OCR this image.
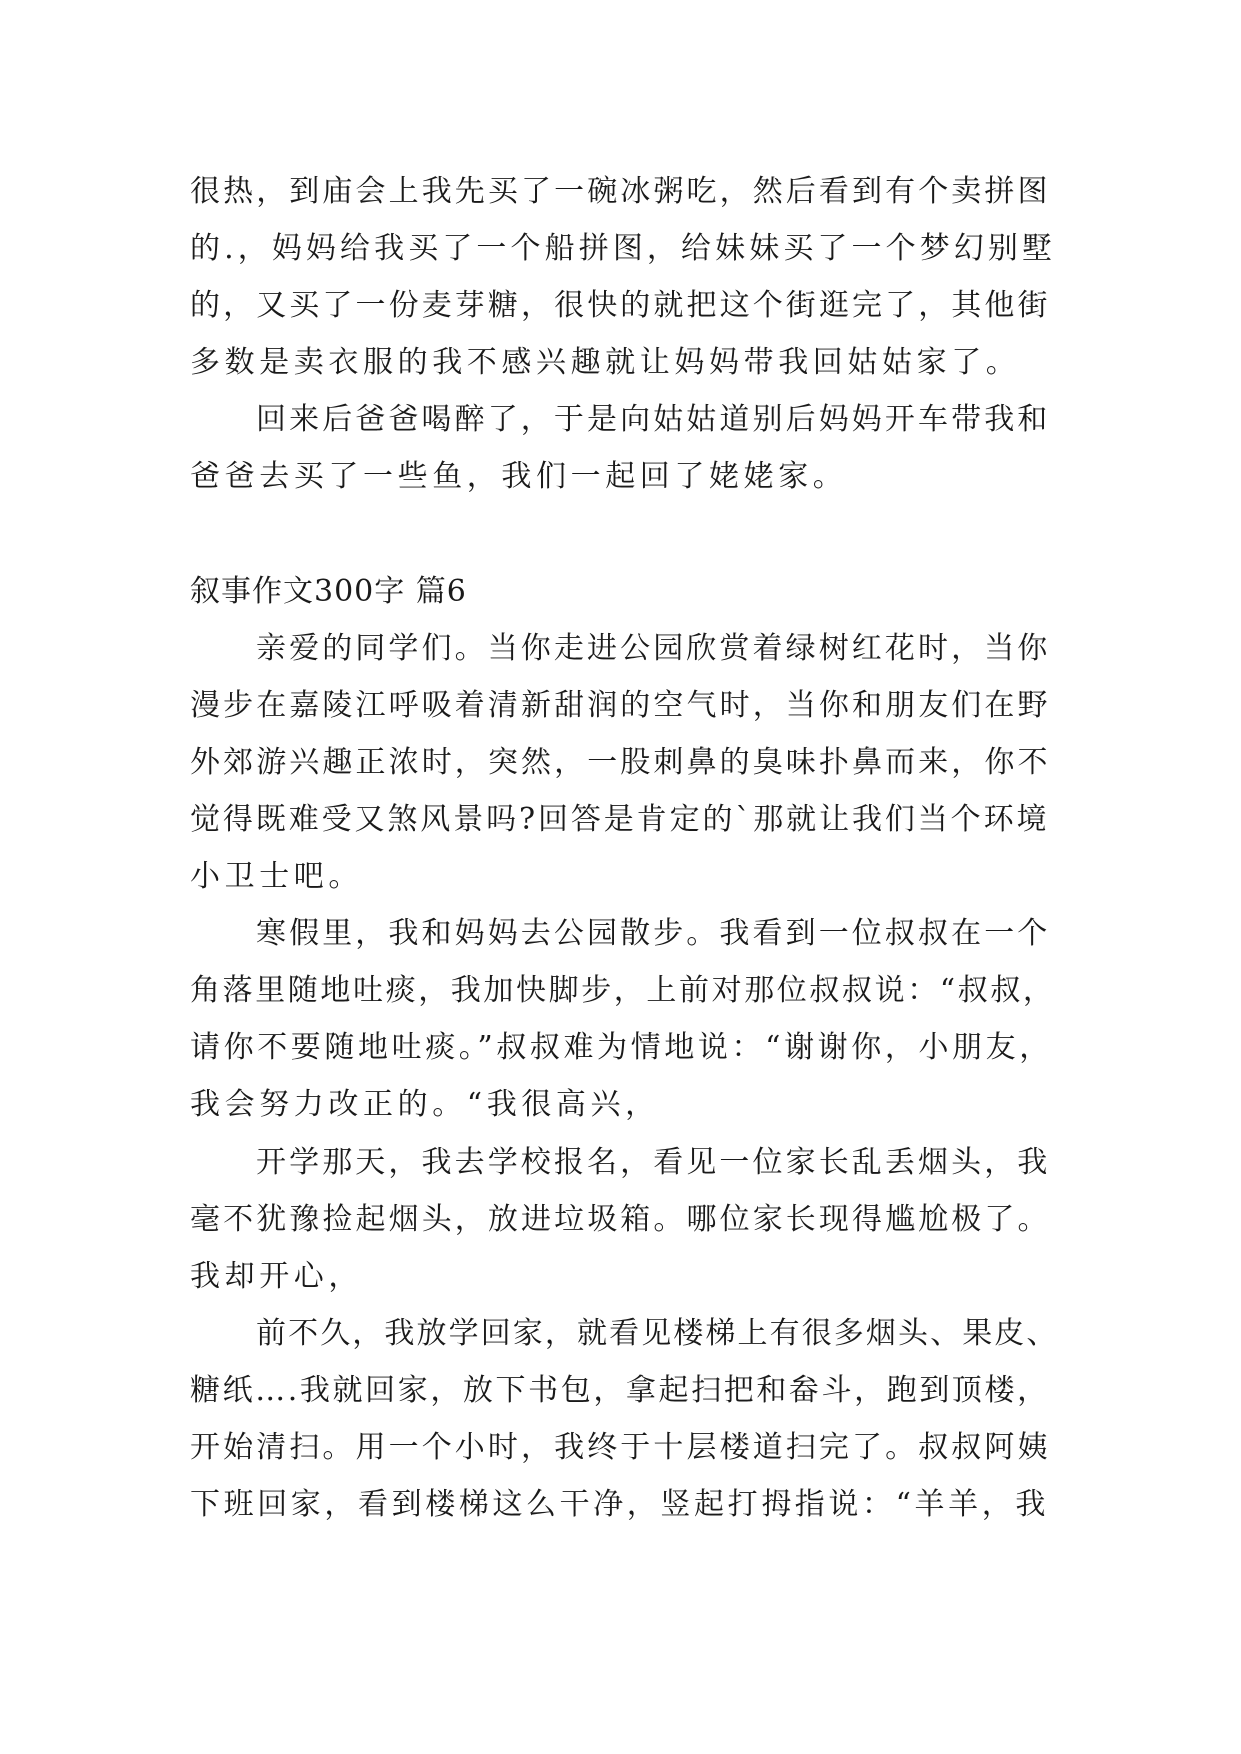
很热，到庙会上我先买了一碗冰粥吃，然后看到有个卖拼图
的.，妈妈给我买了一个船拼图，给妹妹买了一个梦幻别墅
的，又买了一份麦芽糖，很快的就把这个街逛完了，其他街
多数是卖衣服的我不感兴趣就让妈妈带我回姑姑家了。
回来后爸爸喝醉了，于是向姑姑道别后妈妈开车带我和
爸爸去买了一些鱼，我们一起回了姥姥家。
叙事作文300字 篇6
亲爱的同学们。当你走进公园欣赏着绿树红花时，当你
漫步在嘉陵江呼吸着清新甜润的空气时，当你和朋友们在野
外郊游兴趣正浓时，突然，一股刺鼻的臭味扑鼻而来，你不
觉得既难受又煞风景吗?回答是肯定的`那就让我们当个环境
小卫士吧。
寒假里，我和妈妈去公园散步。我看到一位叔叔在一个
角落里随地吐痰，我加快脚步，上前对那位叔叔说：“叔叔，
请你不要随地吐痰。”叔叔难为情地说：“谢谢你，小朋友，
我会努力改正的。“我很高兴，
开学那天，我去学校报名，看见一位家长乱丢烟头，我
毫不犹豫捡起烟头，放进垃圾箱。哪位家长现得尴尬极了。
我却开心，
前不久，我放学回家，就看见楼梯上有很多烟头、果皮、
糖纸….我就回家，放下书包，拿起扫把和畚斗，跑到顶楼，
开始清扫。用一个小时，我终于十层楼道扫完了。叔叔阿姨
下班回家，看到楼梯这么干净，竖起打拇指说：“羊羊，我
